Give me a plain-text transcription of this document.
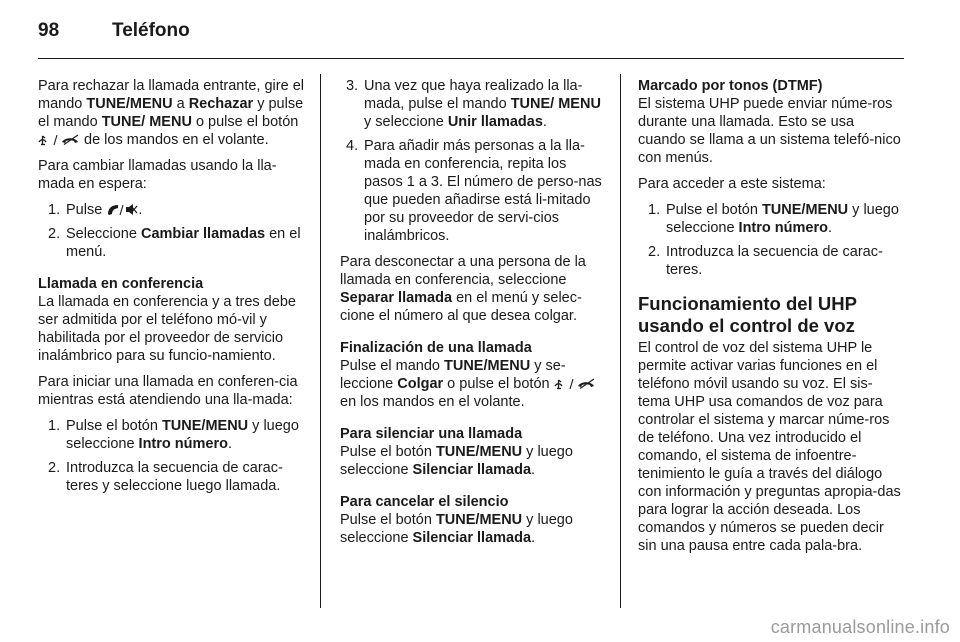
98	Teléfono

Para rechazar la llamada entrante, gire el mando TUNE/MENU a Rechazar y pulse el mando TUNE/ MENU o pulse el botón
de los mandos en el volante.

Para cambiar llamadas usando la lla-mada en espera:

1. Pulse
.
2. Seleccione Cambiar llamadas en el menú.

Llamada en conferencia

La llamada en conferencia y a tres debe ser admitida por el teléfono mó-vil y habilitada por el proveedor de servicio inalámbrico para su funcio-namiento.

Para iniciar una llamada en conferen-cia mientras está atendiendo una lla-mada:

1. Pulse el botón TUNE/MENU y luego seleccione Intro número.
2. Introduzca la secuencia de carac-teres y seleccione luego llamada.
3. Una vez que haya realizado la lla-mada, pulse el mando TUNE/ MENU y seleccione Unir llamadas.
4. Para añadir más personas a la lla-mada en conferencia, repita los pasos 1 a 3. El número de perso-nas que pueden añadirse está li-mitado por su proveedor de servi-cios inalámbricos.

Para desconectar a una persona de la llamada en conferencia, seleccione Separar llamada en el menú y selec-cione el número al que desea colgar.

Finalización de una llamada

Pulse el mando TUNE/MENU y se-leccione Colgar o pulse el botón
en los mandos en el volante.

Para silenciar una llamada

Pulse el botón TUNE/MENU y luego seleccione Silenciar llamada.

Para cancelar el silencio

Pulse el botón TUNE/MENU y luego seleccione Silenciar llamada.

Marcado por tonos (DTMF)

El sistema UHP puede enviar núme-ros durante una llamada. Esto se usa cuando se llama a un sistema telefó-nico con menús.

Para acceder a este sistema:

1. Pulse el botón TUNE/MENU y luego seleccione Intro número.
2. Introduzca la secuencia de carac-teres.

Funcionamiento del UHP usando el control de voz

El control de voz del sistema UHP le permite activar varias funciones en el teléfono móvil usando su voz. El sis-tema UHP usa comandos de voz para controlar el sistema y marcar núme-ros de teléfono. Una vez introducido el comando, el sistema de infoentre-tenimiento le guía a través del diálogo con información y preguntas apropia-das para lograr la acción deseada. Los comandos y números se pueden decir sin una pausa entre cada pala-bra.

carmanualsonline.info
